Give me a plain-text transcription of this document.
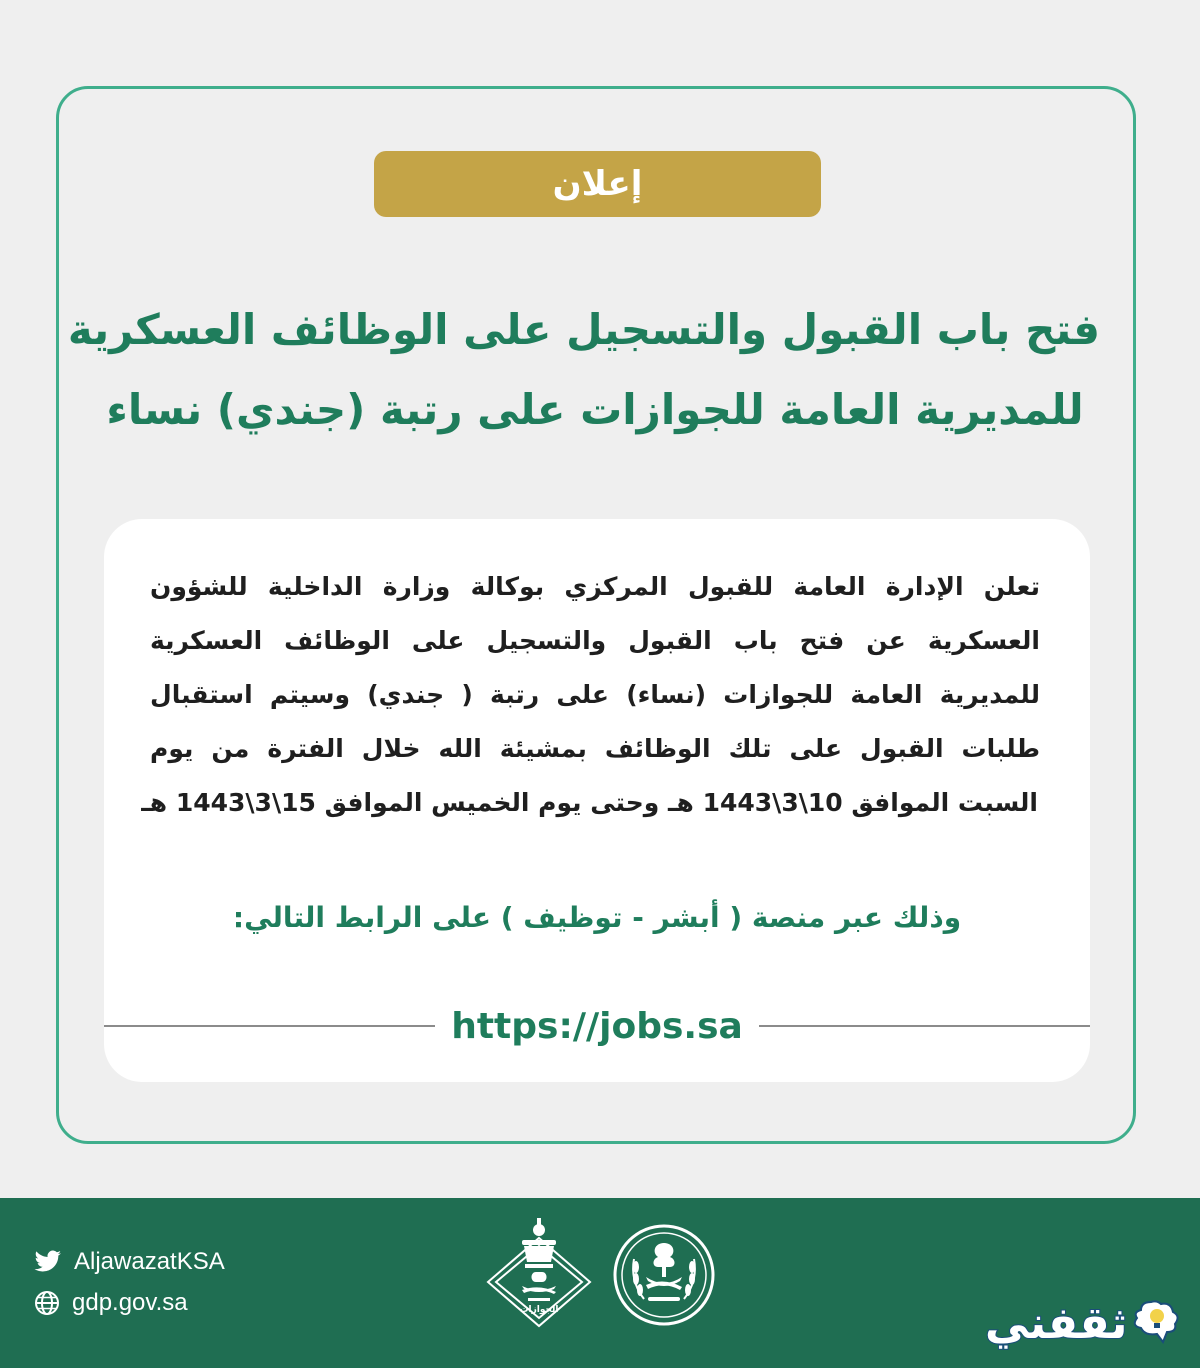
إعلان
فتح باب القبول والتسجيل على الوظائف العسكرية
للمديرية العامة للجوازات على رتبة (جندي) نساء
تعلن الإدارة العامة للقبول المركزي بوكالة وزارة الداخلية للشؤون
العسكرية عن فتح باب القبول والتسجيل على الوظائف العسكرية
للمديرية العامة للجوازات (نساء) على رتبة ( جندي) وسيتم استقبال
طلبات القبول على تلك الوظائف بمشيئة الله خلال الفترة من يوم
السبت الموافق 10\3\1443 هـ وحتى يوم الخميس الموافق 15\3\1443 هـ
وذلك عبر منصة ( أبشر - توظيف ) على الرابط التالي:
https://jobs.sa
AljawazatKSA
gdp.gov.sa	الجوازات	ثقفني
